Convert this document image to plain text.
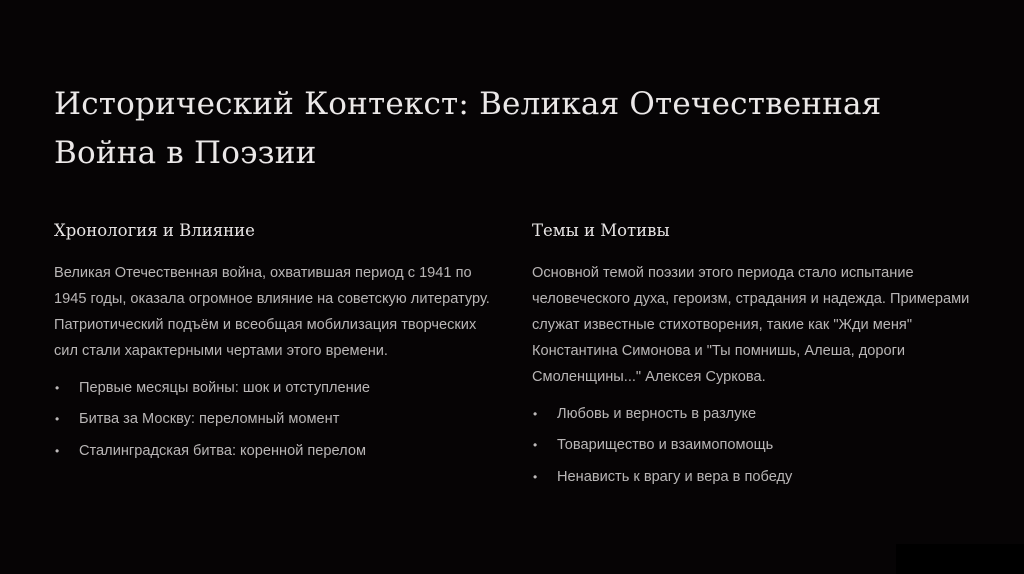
Исторический Контекст: Великая Отечественная Война в Поэзии
Хронология и Влияние

Великая Отечественная война, охватившая период с 1941 по 1945 годы, оказала огромное влияние на советскую литературу. Патриотический подъём и всеобщая мобилизация творческих сил стали характерными чертами этого времени.

•	Первые месяцы войны: шок и отступление
•	Битва за Москву: переломный момент
•	Сталинградская битва: коренной перелом
Темы и Мотивы

Основной темой поэзии этого периода стало испытание человеческого духа, героизм, страдания и надежда. Примерами служат известные стихотворения, такие как "Жди меня" Константина Симонова и "Ты помнишь, Алеша, дороги Смоленщины..." Алексея Суркова.

•	Любовь и верность в разлуке
•	Товарищество и взаимопомощь
•	Ненависть к врагу и вера в победу
